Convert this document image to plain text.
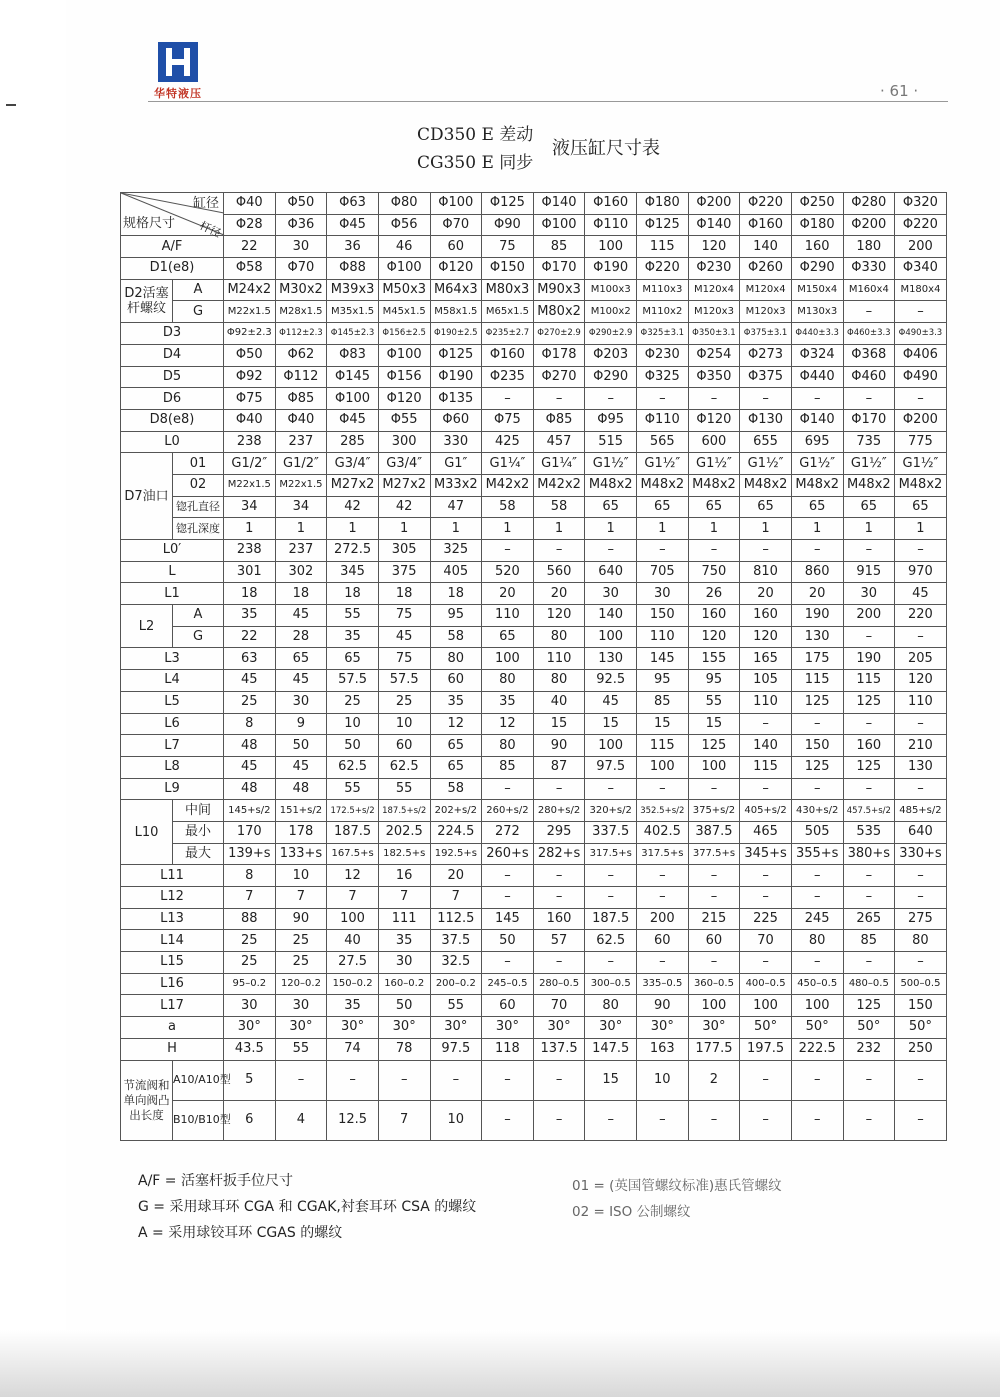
华特液压	· 61 ·
CD350 E 差动
CG350 E 同步
液压缸尺寸表
缸径
杆径
规格尺寸		Φ40	Φ50	Φ63	Φ80	Φ100	Φ125	Φ140	Φ160	Φ180	Φ200	Φ220	Φ250	Φ280	Φ320
		Φ28	Φ36	Φ45	Φ56	Φ70	Φ90	Φ100	Φ110	Φ125	Φ140	Φ160	Φ180	Φ200	Φ220
A/F		22	30	36	46	60	75	85	100	115	120	140	160	180	200
D1(e8)		Φ58	Φ70	Φ88	Φ100	Φ120	Φ150	Φ170	Φ190	Φ220	Φ230	Φ260	Φ290	Φ330	Φ340
D2活塞杆螺纹	A	M24x2	M30x2	M39x3	M50x3	M64x3	M80x3	M90x3	M100x3	M110x3	M120x4	M120x4	M150x4	M160x4	M180x4
	G	M22x1.5	M28x1.5	M35x1.5	M45x1.5	M58x1.5	M65x1.5	M80x2	M100x2	M110x2	M120x3	M120x3	M130x3	–	–
D3		Φ92±2.3	Φ112±2.3	Φ145±2.3	Φ156±2.5	Φ190±2.5	Φ235±2.7	Φ270±2.9	Φ290±2.9	Φ325±3.1	Φ350±3.1	Φ375±3.1	Φ440±3.3	Φ460±3.3	Φ490±3.3
D4		Φ50	Φ62	Φ83	Φ100	Φ125	Φ160	Φ178	Φ203	Φ230	Φ254	Φ273	Φ324	Φ368	Φ406
D5		Φ92	Φ112	Φ145	Φ156	Φ190	Φ235	Φ270	Φ290	Φ325	Φ350	Φ375	Φ440	Φ460	Φ490
D6		Φ75	Φ85	Φ100	Φ120	Φ135	–	–	–	–	–	–	–	–	–
D8(e8)		Φ40	Φ40	Φ45	Φ55	Φ60	Φ75	Φ85	Φ95	Φ110	Φ120	Φ130	Φ140	Φ170	Φ200
L0		238	237	285	300	330	425	457	515	565	600	655	695	735	775
D7油口	01	G1/2″	G1/2″	G3/4″	G3/4″	G1″	G1¼″	G1¼″	G1½″	G1½″	G1½″	G1½″	G1½″	G1½″	G1½″
	02	M22x1.5	M22x1.5	M27x2	M27x2	M33x2	M42x2	M42x2	M48x2	M48x2	M48x2	M48x2	M48x2	M48x2	M48x2
	锪孔直径	34	34	42	42	47	58	58	65	65	65	65	65	65	65
	锪孔深度	1	1	1	1	1	1	1	1	1	1	1	1	1	1
L0′		238	237	272.5	305	325	–	–	–	–	–	–	–	–	–
L		301	302	345	375	405	520	560	640	705	750	810	860	915	970
L1		18	18	18	18	18	20	20	30	30	26	20	20	30	45
L2	A	35	45	55	75	95	110	120	140	150	160	160	190	200	220
	G	22	28	35	45	58	65	80	100	110	120	120	130	–	–
L3		63	65	65	75	80	100	110	130	145	155	165	175	190	205
L4		45	45	57.5	57.5	60	80	80	92.5	95	95	105	115	115	120
L5		25	30	25	25	35	35	40	45	85	55	110	125	125	110
L6		8	9	10	10	12	12	15	15	15	15	–	–	–	–
L7		48	50	50	60	65	80	90	100	115	125	140	150	160	210
L8		45	45	62.5	62.5	65	85	87	97.5	100	100	115	125	125	130
L9		48	48	55	55	58	–	–	–	–	–	–	–	–	–
L10	中间	145+s/2	151+s/2	172.5+s/2	187.5+s/2	202+s/2	260+s/2	280+s/2	320+s/2	352.5+s/2	375+s/2	405+s/2	430+s/2	457.5+s/2	485+s/2
	最小	170	178	187.5	202.5	224.5	272	295	337.5	402.5	387.5	465	505	535	640
	最大	139+s	133+s	167.5+s	182.5+s	192.5+s	260+s	282+s	317.5+s	317.5+s	377.5+s	345+s	355+s	380+s	330+s
L11		8	10	12	16	20	–	–	–	–	–	–	–	–	–
L12		7	7	7	7	7	–	–	–	–	–	–	–	–	–
L13		88	90	100	111	112.5	145	160	187.5	200	215	225	245	265	275
L14		25	25	40	35	37.5	50	57	62.5	60	60	70	80	85	80
L15		25	25	27.5	30	32.5	–	–	–	–	–	–	–	–	–
L16		95–0.2	120–0.2	150–0.2	160–0.2	200–0.2	245–0.5	280–0.5	300–0.5	335–0.5	360–0.5	400–0.5	450–0.5	480–0.5	500–0.5
L17		30	30	35	50	55	60	70	80	90	100	100	100	125	150
a		30°	30°	30°	30°	30°	30°	30°	30°	30°	30°	50°	50°	50°	50°
H		43.5	55	74	78	97.5	118	137.5	147.5	163	177.5	197.5	222.5	232	250
节流阀和单向阀凸出长度	A10/A10型	5	–	–	–	–	–	–	15	10	2	–	–	–	–
	B10/B10型	6	4	12.5	7	10	–	–	–	–	–	–	–	–	–
A/F = 活塞杆扳手位尺寸
G = 采用球耳环 CGA 和 CGAK,衬套耳环 CSA 的螺纹
A = 采用球铰耳环 CGAS 的螺纹
01 = (英国管螺纹标准)惠氏管螺纹
02 = ISO 公制螺纹
